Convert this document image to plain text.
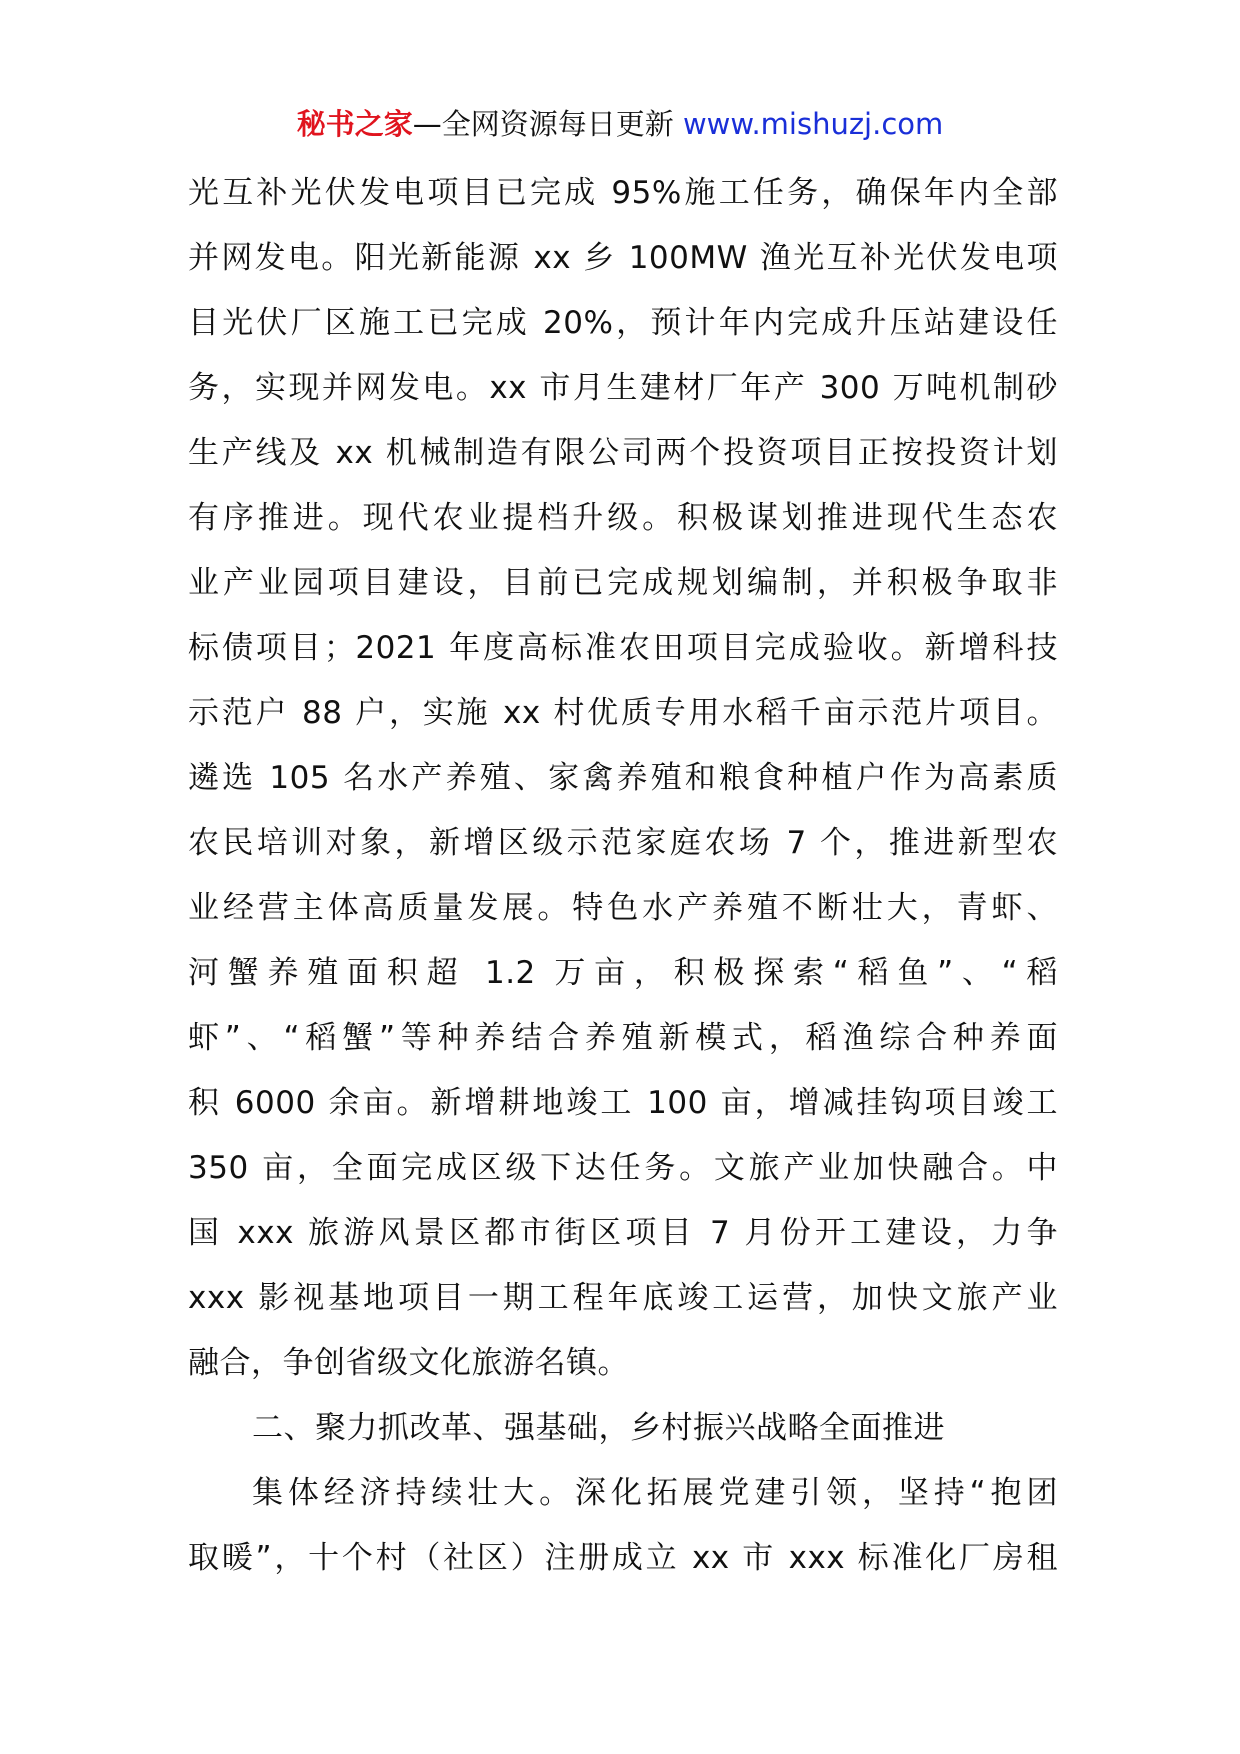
秘书之家—全网资源每日更新 www.mishuzj.com
光互补光伏发电项目已完成 95%施工任务，确保年内全部
并网发电。阳光新能源 xx 乡 100MW 渔光互补光伏发电项
目光伏厂区施工已完成 20%，预计年内完成升压站建设任
务，实现并网发电。xx 市月生建材厂年产 300 万吨机制砂
生产线及 xx 机械制造有限公司两个投资项目正按投资计划
有序推进。现代农业提档升级。积极谋划推进现代生态农
业产业园项目建设，目前已完成规划编制，并积极争取非
标债项目；2021 年度高标准农田项目完成验收。新增科技
示范户 88 户，实施 xx 村优质专用水稻千亩示范片项目。
遴选 105 名水产养殖、家禽养殖和粮食种植户作为高素质
农民培训对象，新增区级示范家庭农场 7 个，推进新型农
业经营主体高质量发展。特色水产养殖不断壮大，青虾、
河蟹养殖面积超 1.2 万亩，积极探索“稻鱼”、“稻
虾”、“稻蟹”等种养结合养殖新模式，稻渔综合种养面
积 6000 余亩。新增耕地竣工 100 亩，增减挂钩项目竣工
350 亩，全面完成区级下达任务。文旅产业加快融合。中
国 xxx 旅游风景区都市街区项目 7 月份开工建设，力争
xxx 影视基地项目一期工程年底竣工运营，加快文旅产业
融合，争创省级文化旅游名镇。
二、聚力抓改革、强基础，乡村振兴战略全面推进
集体经济持续壮大。深化拓展党建引领，坚持“抱团
取暖”，十个村（社区）注册成立 xx 市 xxx 标准化厂房租
